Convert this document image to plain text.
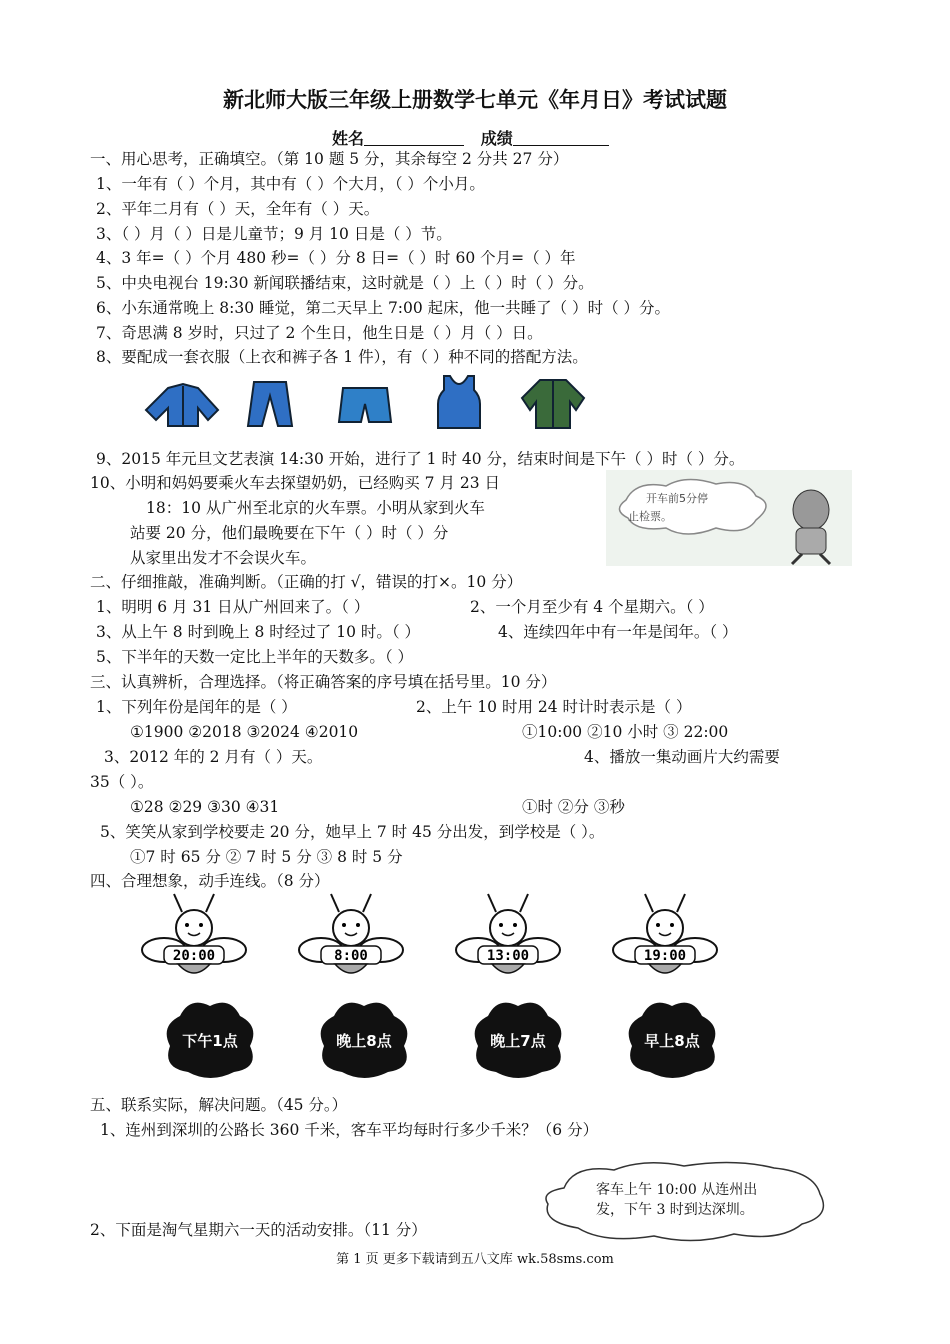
新北师大版三年级上册数学七单元《年月日》考试试题
姓名	成绩
一、用心思考，正确填空。（第 10 题 5 分，其余每空 2 分共 27 分）
1、一年有（ ）个月，其中有（ ）个大月，（ ）个小月。
2、平年二月有（ ）天，全年有（ ）天。
3、（ ）月（ ）日是儿童节；9 月 10 日是（ ）节。
4、3 年=（ ）个月 480 秒=（ ）分 8 日=（ ）时 60 个月=（ ）年
5、中央电视台 19:30 新闻联播结束，这时就是（ ）上（ ）时（ ）分。
6、小东通常晚上 8:30 睡觉，第二天早上 7:00 起床，他一共睡了（ ）时（ ）分。
7、奇思满 8 岁时，只过了 2 个生日，他生日是（ ）月（ ）日。
8、要配成一套衣服（上衣和裤子各 1 件），有（ ）种不同的搭配方法。
9、2015 年元旦文艺表演 14:30 开始，进行了 1 时 40 分，结束时间是下午（ ）时（ ）分。
10、小明和妈妈要乘火车去探望奶奶，已经购买 7 月 23 日
18：10 从广州至北京的火车票。小明从家到火车
站要 20 分，他们最晚要在下午（ ）时（ ）分
从家里出发才不会误火车。
开车前5分停
止检票。
二、仔细推敲，准确判断。（正确的打 √，错误的打×。10 分）
1、明明 6 月 31 日从广州回来了。（ ）	2、一个月至少有 4 个星期六。（ ）
3、从上午 8 时到晚上 8 时经过了 10 时。（ ）	4、连续四年中有一年是闰年。（ ）
5、下半年的天数一定比上半年的天数多。（ ）
三、认真辨析，合理选择。（将正确答案的序号填在括号里。10 分）
1、下列年份是闰年的是（ ）	2、上午 10 时用 24 时计时表示是（ ）
①1900 ②2018 ③2024 ④2010	①10:00 ②10 小时 ③ 22:00
3、2012 年的 2 月有（ ）天。	4、播放一集动画片大约需要
35（ ）。
①28 ②29 ③30 ④31	①时 ②分 ③秒
5、笑笑从家到学校要走 20 分，她早上 7 时 45 分出发，到学校是（ ）。
①7 时 65 分 ② 7 时 5 分 ③ 8 时 5 分
四、合理想象，动手连线。（8 分）
20:00	8:00	13:00	19:00
下午1点	晚上8点	晚上7点	早上8点
五、联系实际，解决问题。（45 分。）
1、连州到深圳的公路长 360 千米，客车平均每时行多少千米？（6 分）
客车上午 10:00 从连州出
发，下午 3 时到达深圳。
2、下面是淘气星期六一天的活动安排。（11 分）
第 1 页 更多下载请到五八文库 wk.58sms.com
